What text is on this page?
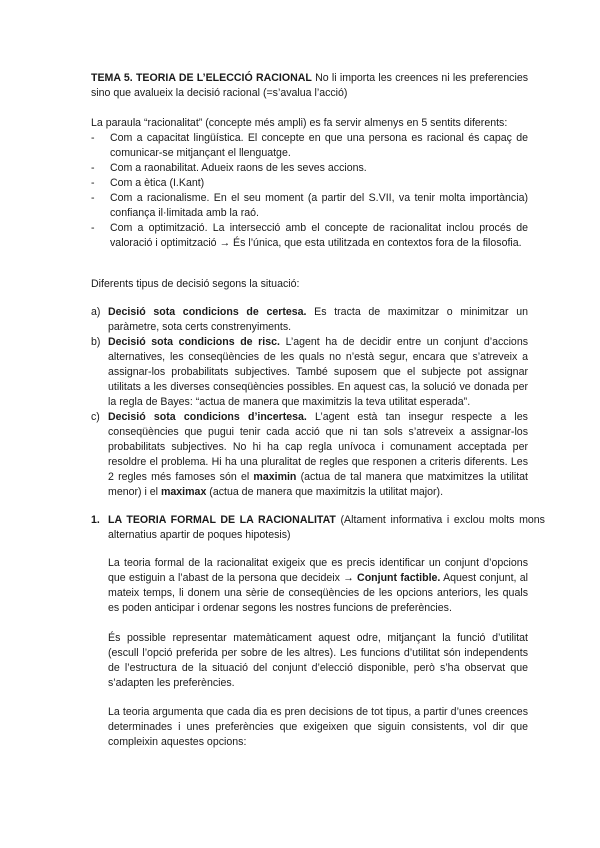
TEMA 5. TEORIA DE L’ELECCIÓ RACIONAL No li importa les creences ni les preferencies sino que avalueix la decisió racional (=s’avalua l’acció)
La paraula “racionalitat” (concepte més ampli) es fa servir almenys en 5 sentits diferents:
- Com a capacitat lingüística. El concepte en que una persona es racional és capaç de comunicar-se mitjançant el llenguatge.
- Com a raonabilitat. Adueix raons de les seves accions.
- Com a ètica (I.Kant)
- Com a racionalisme. En el seu moment (a partir del S.VII, va tenir molta importància) confiança il·limitada amb la raó.
- Com a optimització. La intersecció amb el concepte de racionalitat inclou procés de valoració i optimització → És l’única, que esta utilitzada en contextos fora de la filosofia.
Diferents tipus de decisió segons la situació:
a) Decisió sota condicions de certesa. Es tracta de maximitzar o minimitzar un paràmetre, sota certs constrenyiments.
b) Decisió sota condicions de risc. L’agent ha de decidir entre un conjunt d’accions alternatives, les conseqüències de les quals no n’està segur, encara que s’atreveix a assignar-los probabilitats subjectives. També suposem que el subjecte pot assignar utilitats a les diverses conseqüències possibles. En aquest cas, la solució ve donada per la regla de Bayes: “actua de manera que maximitzis la teva utilitat esperada”.
c) Decisió sota condicions d’incertesa. L’agent està tan insegur respecte a les conseqüències que pugui tenir cada acció que ni tan sols s’atreveix a assignar-los probabilitats subjectives. No hi ha cap regla unívoca i comunament acceptada per resoldre el problema. Hi ha una pluralitat de regles que responen a criteris diferents. Les 2 regles més famoses són el maximin (actua de tal manera que matximitzes la utilitat menor) i el maximax (actua de manera que maximitzis la utilitat major).
1. LA TEORIA FORMAL DE LA RACIONALITAT (Altament informativa i exclou molts mons alternatius apartir de poques hipotesis)
La teoria formal de la racionalitat exigeix que es precis identificar un conjunt d’opcions que estiguin a l’abast de la persona que decideix → Conjunt factible. Aquest conjunt, al mateix temps, li donem una sèrie de conseqüències de les opcions anteriors, les quals es poden anticipar i ordenar segons les nostres funcions de preferències.
És possible representar matemàticament aquest odre, mitjançant la funció d’utilitat (escull l’opció preferida per sobre de les altres). Les funcions d’utilitat són independents de l’estructura de la situació del conjunt d’elecció disponible, però s’ha observat que s’adapten les preferències.
La teoria argumenta que cada dia es pren decisions de tot tipus, a partir d’unes creences determinades i unes preferències que exigeixen que siguin consistents, vol dir que compleixin aquestes opcions:
